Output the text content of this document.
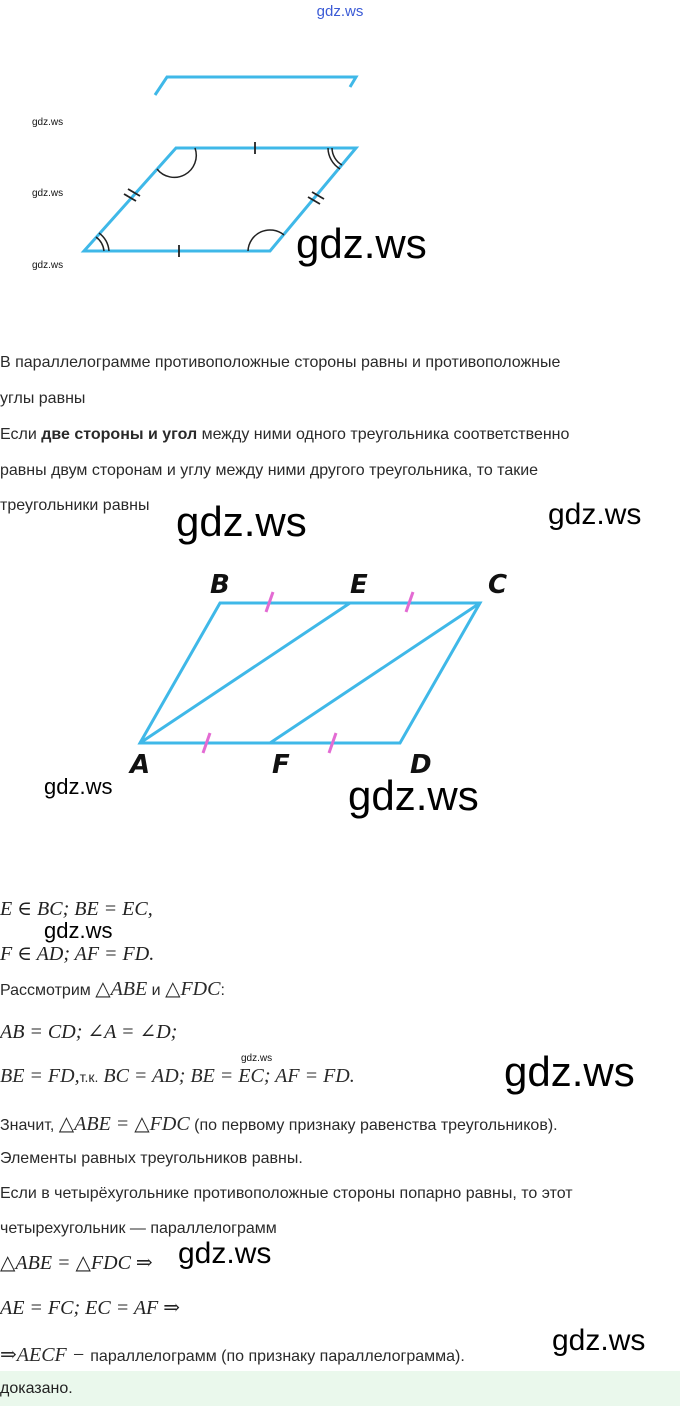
gdz.ws
gdz.ws
gdz.ws
gdz.ws	gdz.ws
В параллелограмме противоположные стороны равны и противоположные
углы равны
Если две стороны и угол между ними одного треугольника соответственно
равны двум сторонам и углу между ними другого треугольника, то такие
треугольники равны gdz.ws	gdz.ws
B	E	C
A	F	D
gdz.ws	gdz.ws
E ∈ BC; BE = EC,
gdz.ws
F ∈ AD; AF = FD.
Рассмотрим △ABE и △FDC:
AB = CD; ∠A = ∠D;
gdz.ws
BE = FD,т.к. BC = AD; BE = EC; AF = FD.	gdz.ws
Значит, △ABE = △FDC (по первому признаку равенства треугольников).
Элементы равных треугольников равны.
Если в четырёхугольнике противоположные стороны попарно равны, то этот
четырехугольник — параллелограмм
△ABE = △FDC ⇒ gdz.ws
AE = FC; EC = AF ⇒
⇒AECF − параллелограмм (по признаку параллелограмма).	gdz.ws
доказано.
